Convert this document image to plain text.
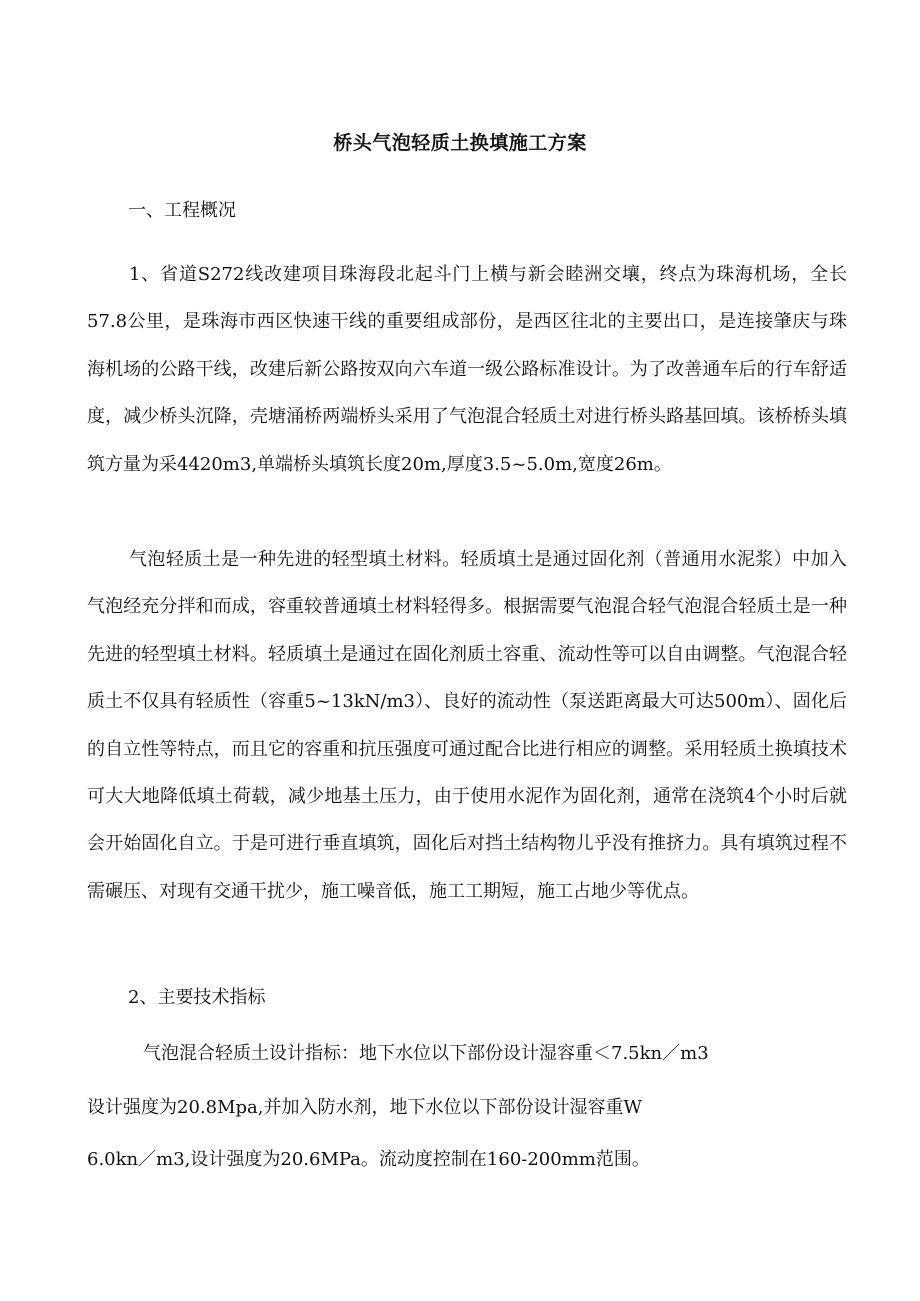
桥头气泡轻质土换填施工方案
一、工程概况
1、省道S272线改建项目珠海段北起斗门上横与新会睦洲交壤，终点为珠海机场，全长57.8公里，是珠海市西区快速干线的重要组成部份，是西区往北的主要出口，是连接肇庆与珠海机场的公路干线，改建后新公路按双向六车道一级公路标准设计。为了改善通车后的行车舒适度，减少桥头沉降，壳塘涌桥两端桥头采用了气泡混合轻质土对进行桥头路基回填。该桥桥头填筑方量为采4420m3,单端桥头填筑长度20m,厚度3.5~5.0m,宽度26m。
气泡轻质土是一种先进的轻型填土材料。轻质填土是通过固化剂（普通用水泥浆）中加入气泡经充分拌和而成，容重较普通填土材料轻得多。根据需要气泡混合轻气泡混合轻质土是一种先进的轻型填土材料。轻质填土是通过在固化剂质土容重、流动性等可以自由调整。气泡混合轻质土不仅具有轻质性（容重5~13kN/m3）、良好的流动性（泵送距离最大可达500m）、固化后的自立性等特点，而且它的容重和抗压强度可通过配合比进行相应的调整。采用轻质土换填技术可大大地降低填土荷载，减少地基土压力，由于使用水泥作为固化剂，通常在浇筑4个小时后就会开始固化自立。于是可进行垂直填筑，固化后对挡土结构物儿乎没有推挤力。具有填筑过程不需碾压、对现有交通干扰少，施工噪音低，施工工期短，施工占地少等优点。
2、主要技术指标
气泡混合轻质土设计指标：地下水位以下部份设计湿容重＜7.5kn／m3
设计强度为20.8Mpa,并加入防水剂，地下水位以下部份设计湿容重W
6.0kn／m3,设计强度为20.6MPa。流动度控制在160-200mm范围。
